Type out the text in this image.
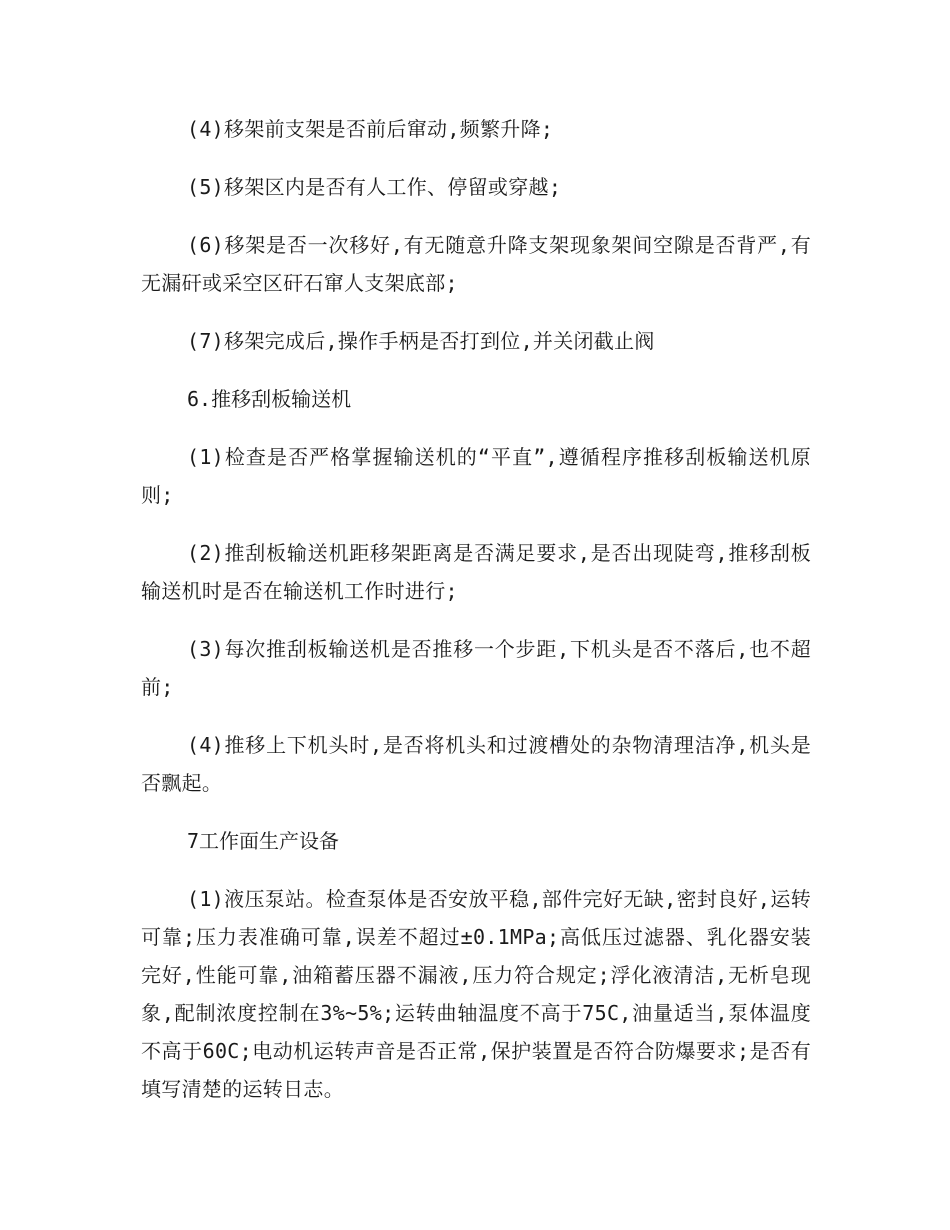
(4)移架前支架是否前后窜动,频繁升降;

(5)移架区内是否有人工作、停留或穿越;

(6)移架是否一次移好,有无随意升降支架现象架间空隙是否背严,有无漏矸或采空区矸石窜人支架底部;

(7)移架完成后,操作手柄是否打到位,并关闭截止阀

6.推移刮板输送机

(1)检查是否严格掌握输送机的“平直”,遵循程序推移刮板输送机原则;

(2)推刮板输送机距移架距离是否满足要求,是否出现陡弯,推移刮板输送机时是否在输送机工作时进行;

(3)每次推刮板输送机是否推移一个步距,下机头是否不落后,也不超前;

(4)推移上下机头时,是否将机头和过渡槽处的杂物清理洁净,机头是否飘起。

7工作面生产设备

(1)液压泵站。检查泵体是否安放平稳,部件完好无缺,密封良好,运转可靠;压力表准确可靠,误差不超过±0.1MPa;高低压过滤器、乳化器安装完好,性能可靠,油箱蓄压器不漏液,压力符合规定;浮化液清洁,无析皂现象,配制浓度控制在3%~5%;运转曲轴温度不高于75C,油量适当,泵体温度不高于60C;电动机运转声音是否正常,保护装置是否符合防爆要求;是否有填写清楚的运转日志。
